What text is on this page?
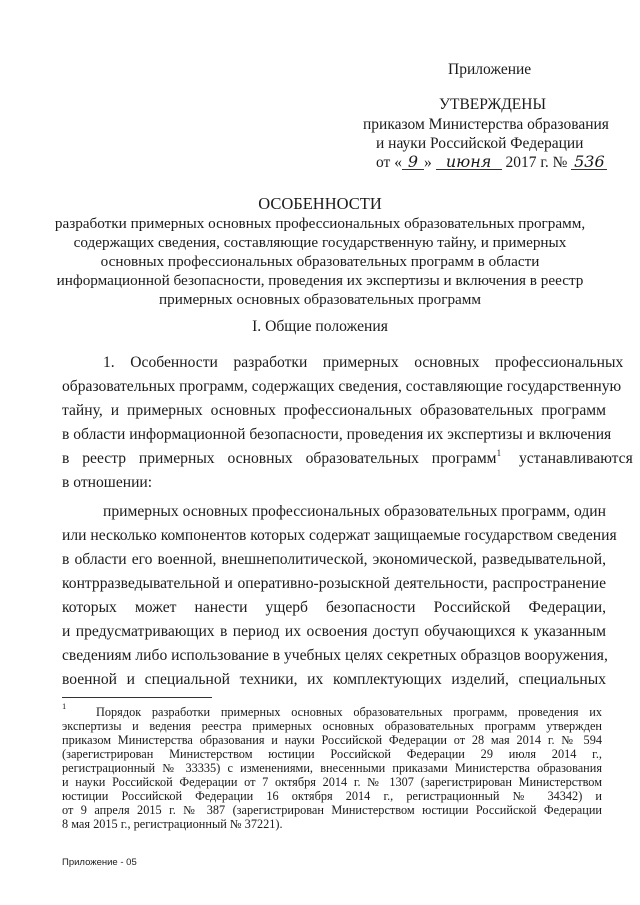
Приложение
УТВЕРЖДЕНЫ
приказом Министерства образования
и науки Российской Федерации
от « 9 » июня 2017 г. № 536
ОСОБЕННОСТИ
разработки примерных основных профессиональных образовательных программ,
содержащих сведения, составляющие государственную тайну, и примерных
основных профессиональных образовательных программ в области
информационной безопасности, проведения их экспертизы и включения в реестр
примерных основных образовательных программ
I. Общие положения
1.    Особенности    разработки    примерных    основных    профессиональных
образовательных программ, содержащих сведения, составляющие государственную
тайну, и примерных основных профессиональных образовательных программ
в области информационной безопасности, проведения их экспертизы и включения
в реестр примерных основных образовательных программ$^1$ устанавливаются
в отношении:
примерных основных профессиональных образовательных программ, один
или несколько компонентов которых содержат защищаемые государством сведения
в области его военной, внешнеполитической, экономической, разведывательной,
контрразведывательной и оперативно-розыскной деятельности, распространение
которых может нанести ущерб безопасности Российской Федерации,
и предусматривающих в период их освоения доступ обучающихся к указанным
сведениям либо использование в учебных целях секретных образцов вооружения,
военной и специальной техники, их комплектующих изделий, специальных
1 Порядок разработки примерных основных образовательных программ, проведения их
экспертизы и ведения реестра примерных основных образовательных программ утвержден
приказом Министерства образования и науки Российской Федерации от 28 мая 2014 г. № 594
(зарегистрирован Министерством юстиции Российской Федерации 29 июля 2014 г.,
регистрационный № 33335) с изменениями, внесенными приказами Министерства образования
и науки Российской Федерации от 7 октября 2014 г. № 1307 (зарегистрирован Министерством
юстиции Российской Федерации 16 октября 2014 г., регистрационный № 34342) и
от 9 апреля 2015 г. № 387 (зарегистрирован Министерством юстиции Российской Федерации
8 мая 2015 г., регистрационный № 37221).
Приложение - 05
